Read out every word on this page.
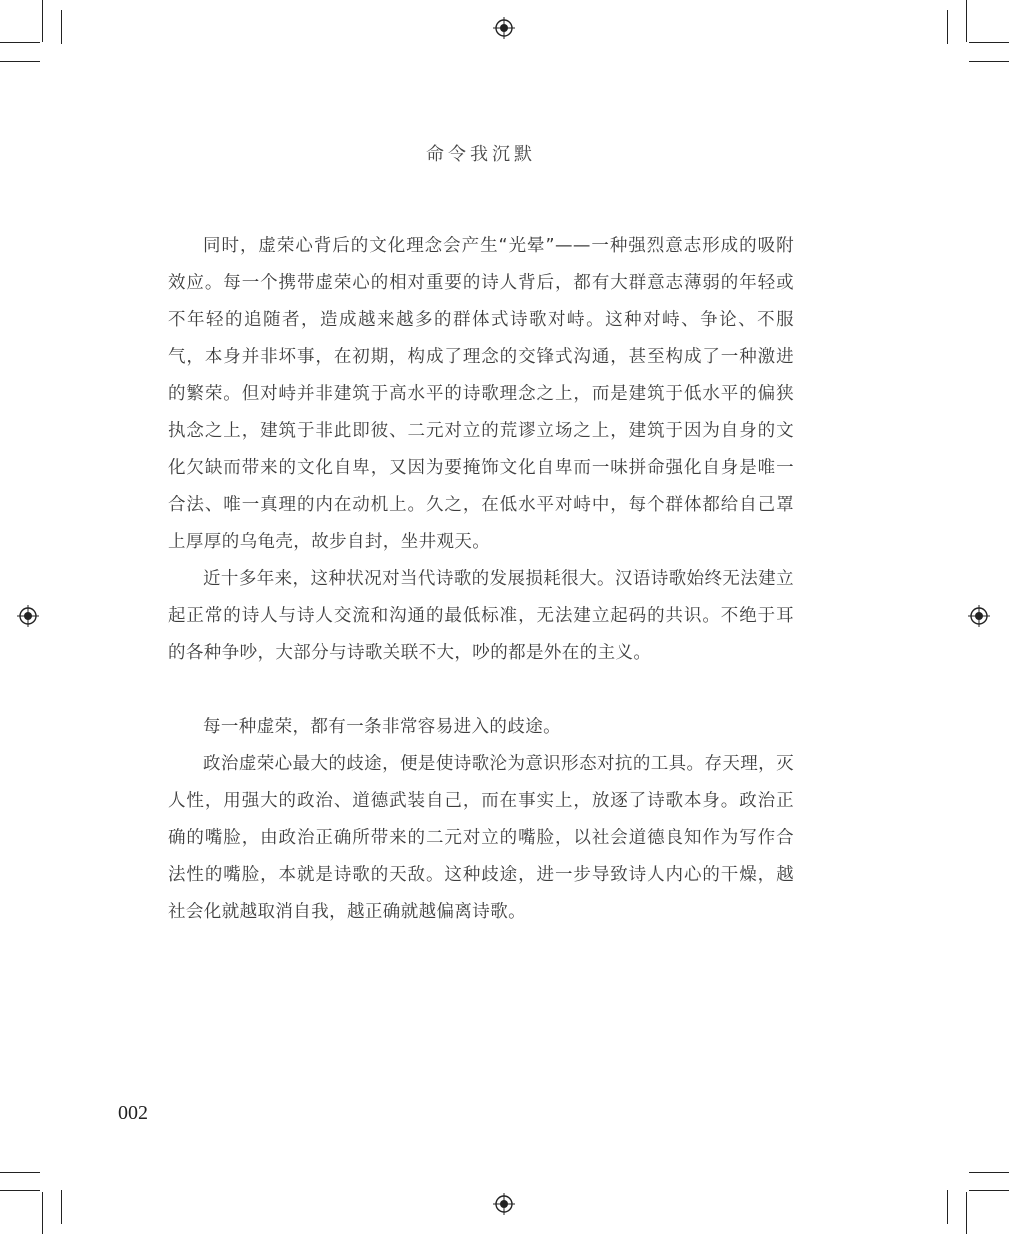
命令我沉默

同时，虚荣心背后的文化理念会产生“光晕”——一种强烈意志形成的吸附效应。每一个携带虚荣心的相对重要的诗人背后，都有大群意志薄弱的年轻或不年轻的追随者，造成越来越多的群体式诗歌对峙。这种对峙、争论、不服气，本身并非坏事，在初期，构成了理念的交锋式沟通，甚至构成了一种激进的繁荣。但对峙并非建筑于高水平的诗歌理念之上，而是建筑于低水平的偏狭执念之上，建筑于非此即彼、二元对立的荒谬立场之上，建筑于因为自身的文化欠缺而带来的文化自卑，又因为要掩饰文化自卑而一味拼命强化自身是唯一合法、唯一真理的内在动机上。久之，在低水平对峙中，每个群体都给自己罩上厚厚的乌龟壳，故步自封，坐井观天。

近十多年来，这种状况对当代诗歌的发展损耗很大。汉语诗歌始终无法建立起正常的诗人与诗人交流和沟通的最低标准，无法建立起码的共识。不绝于耳的各种争吵，大部分与诗歌关联不大，吵的都是外在的主义。

每一种虚荣，都有一条非常容易进入的歧途。

政治虚荣心最大的歧途，便是使诗歌沦为意识形态对抗的工具。存天理，灭人性，用强大的政治、道德武装自己，而在事实上，放逐了诗歌本身。政治正确的嘴脸，由政治正确所带来的二元对立的嘴脸，以社会道德良知作为写作合法性的嘴脸，本就是诗歌的天敌。这种歧途，进一步导致诗人内心的干燥，越社会化就越取消自我，越正确就越偏离诗歌。

002
